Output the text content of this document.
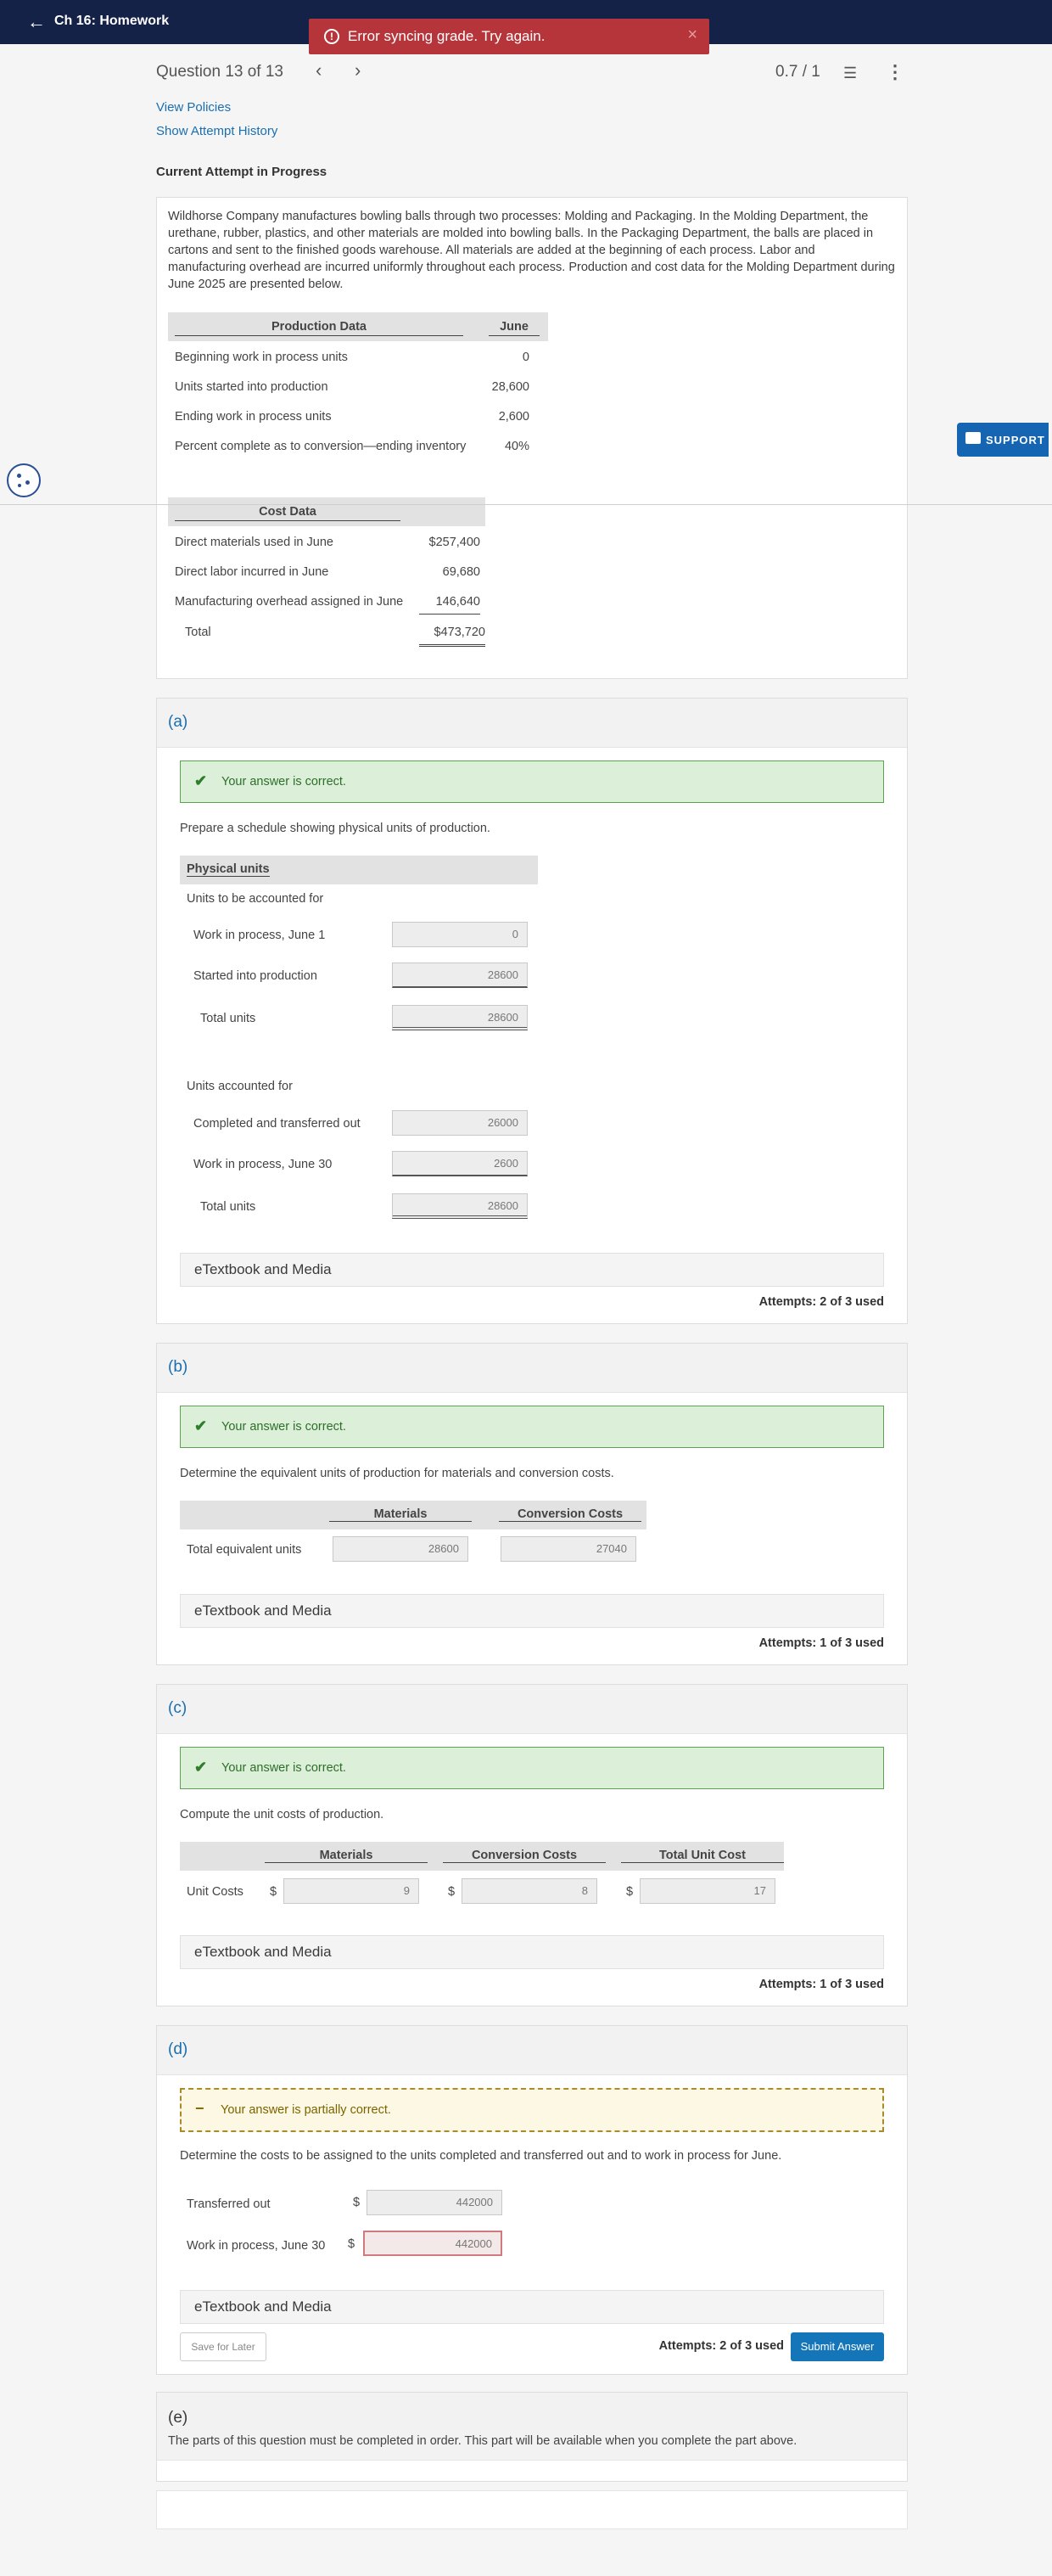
← Ch 16: Homework
!	Error syncing grade. Try again.	×
Question 13 of 13 ‹ ›	0.7 / 1 ☰ ⋮
View Policies
Show Attempt History
Current Attempt in Progress
Wildhorse Company manufactures bowling balls through two processes: Molding and Packaging. In the Molding Department, the urethane, rubber, plastics, and other materials are molded into bowling balls. In the Packaging Department, the balls are placed in cartons and sent to the finished goods warehouse. All materials are added at the beginning of each process. Labor and manufacturing overhead are incurred uniformly throughout each process. Production and cost data for the Molding Department during June 2025 are presented below.
Production Data	June
Beginning work in process units	0
Units started into production	28,600
Ending work in process units	2,600
Percent complete as to conversion—ending inventory	40%
Cost Data
Direct materials used in June	$257,400
Direct labor incurred in June	69,680
Manufacturing overhead assigned in June	146,640
Total	$473,720
(a)
✔ Your answer is correct.
Prepare a schedule showing physical units of production.
Physical units
Units to be accounted for
Work in process, June 1	0
Started into production	28600
Total units	28600
Units accounted for
Completed and transferred out	26000
Work in process, June 30	2600
Total units	28600
eTextbook and Media
Attempts: 2 of 3 used
(b)
✔ Your answer is correct.
Determine the equivalent units of production for materials and conversion costs.
Materials	Conversion Costs
Total equivalent units	28600	27040
eTextbook and Media
Attempts: 1 of 3 used
(c)
✔ Your answer is correct.
Compute the unit costs of production.
Materials	Conversion Costs	Total Unit Cost
Unit Costs $	9	$	8	$	17
eTextbook and Media
Attempts: 1 of 3 used
(d)
− Your answer is partially correct.
Determine the costs to be assigned to the units completed and transferred out and to work in process for June.
Transferred out	$	442000
Work in process, June 30 $	442000
eTextbook and Media
Save for Later	Attempts: 2 of 3 used	Submit Answer
(e)
The parts of this question must be completed in order. This part will be available when you complete the part above.
SUPPORT
